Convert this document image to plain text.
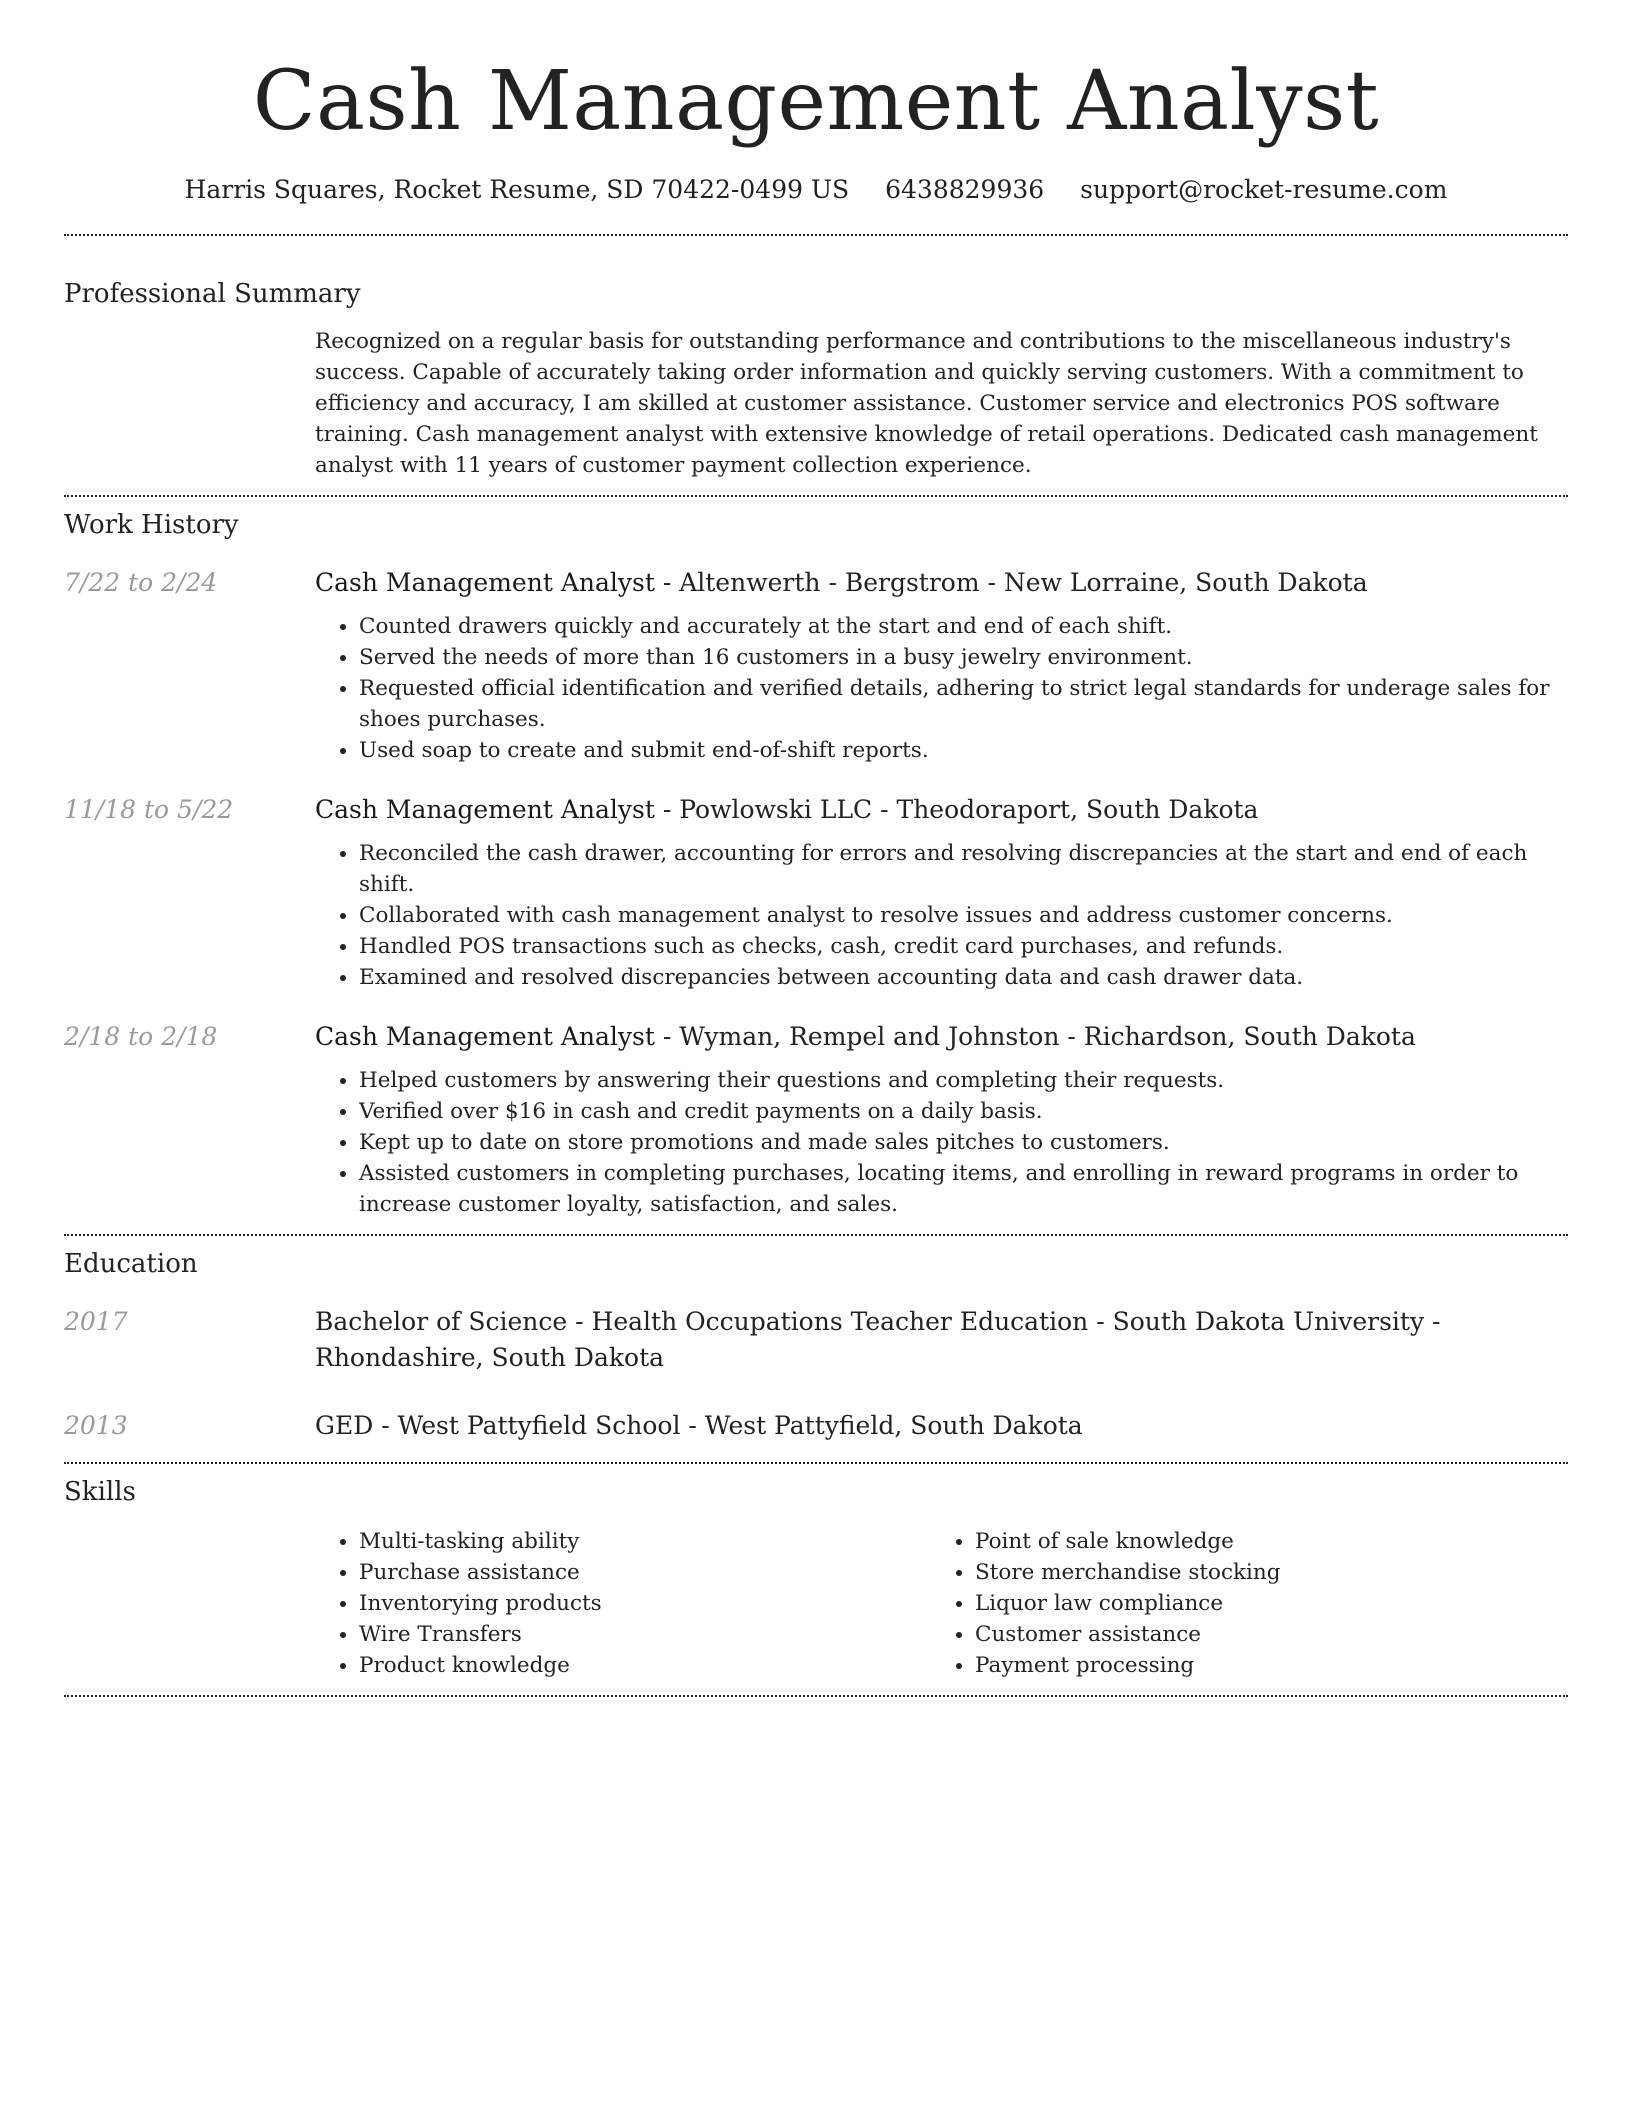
Cash Management Analyst
Harris Squares, Rocket Resume, SD 70422-0499 US 6438829936 support@rocket-resume.com
Professional Summary
Recognized on a regular basis for outstanding performance and contributions to the miscellaneous industry's success. Capable of accurately taking order information and quickly serving customers. With a commitment to efficiency and accuracy, I am skilled at customer assistance. Customer service and electronics POS software training. Cash management analyst with extensive knowledge of retail operations. Dedicated cash management analyst with 11 years of customer payment collection experience.
Work History
7/22 to 2/24	Cash Management Analyst - Altenwerth - Bergstrom - New Lorraine, South Dakota
• Counted drawers quickly and accurately at the start and end of each shift.
• Served the needs of more than 16 customers in a busy jewelry environment.
• Requested official identification and verified details, adhering to strict legal standards for underage sales for shoes purchases.
• Used soap to create and submit end-of-shift reports.
11/18 to 5/22	Cash Management Analyst - Powlowski LLC - Theodoraport, South Dakota
• Reconciled the cash drawer, accounting for errors and resolving discrepancies at the start and end of each shift.
• Collaborated with cash management analyst to resolve issues and address customer concerns.
• Handled POS transactions such as checks, cash, credit card purchases, and refunds.
• Examined and resolved discrepancies between accounting data and cash drawer data.
2/18 to 2/18	Cash Management Analyst - Wyman, Rempel and Johnston - Richardson, South Dakota
• Helped customers by answering their questions and completing their requests.
• Verified over $16 in cash and credit payments on a daily basis.
• Kept up to date on store promotions and made sales pitches to customers.
• Assisted customers in completing purchases, locating items, and enrolling in reward programs in order to increase customer loyalty, satisfaction, and sales.
Education
2017	Bachelor of Science - Health Occupations Teacher Education - South Dakota University - Rhondashire, South Dakota
2013	GED - West Pattyfield School - West Pattyfield, South Dakota
Skills
• Multi-tasking ability
• Purchase assistance
• Inventorying products
• Wire Transfers
• Product knowledge
• Point of sale knowledge
• Store merchandise stocking
• Liquor law compliance
• Customer assistance
• Payment processing
